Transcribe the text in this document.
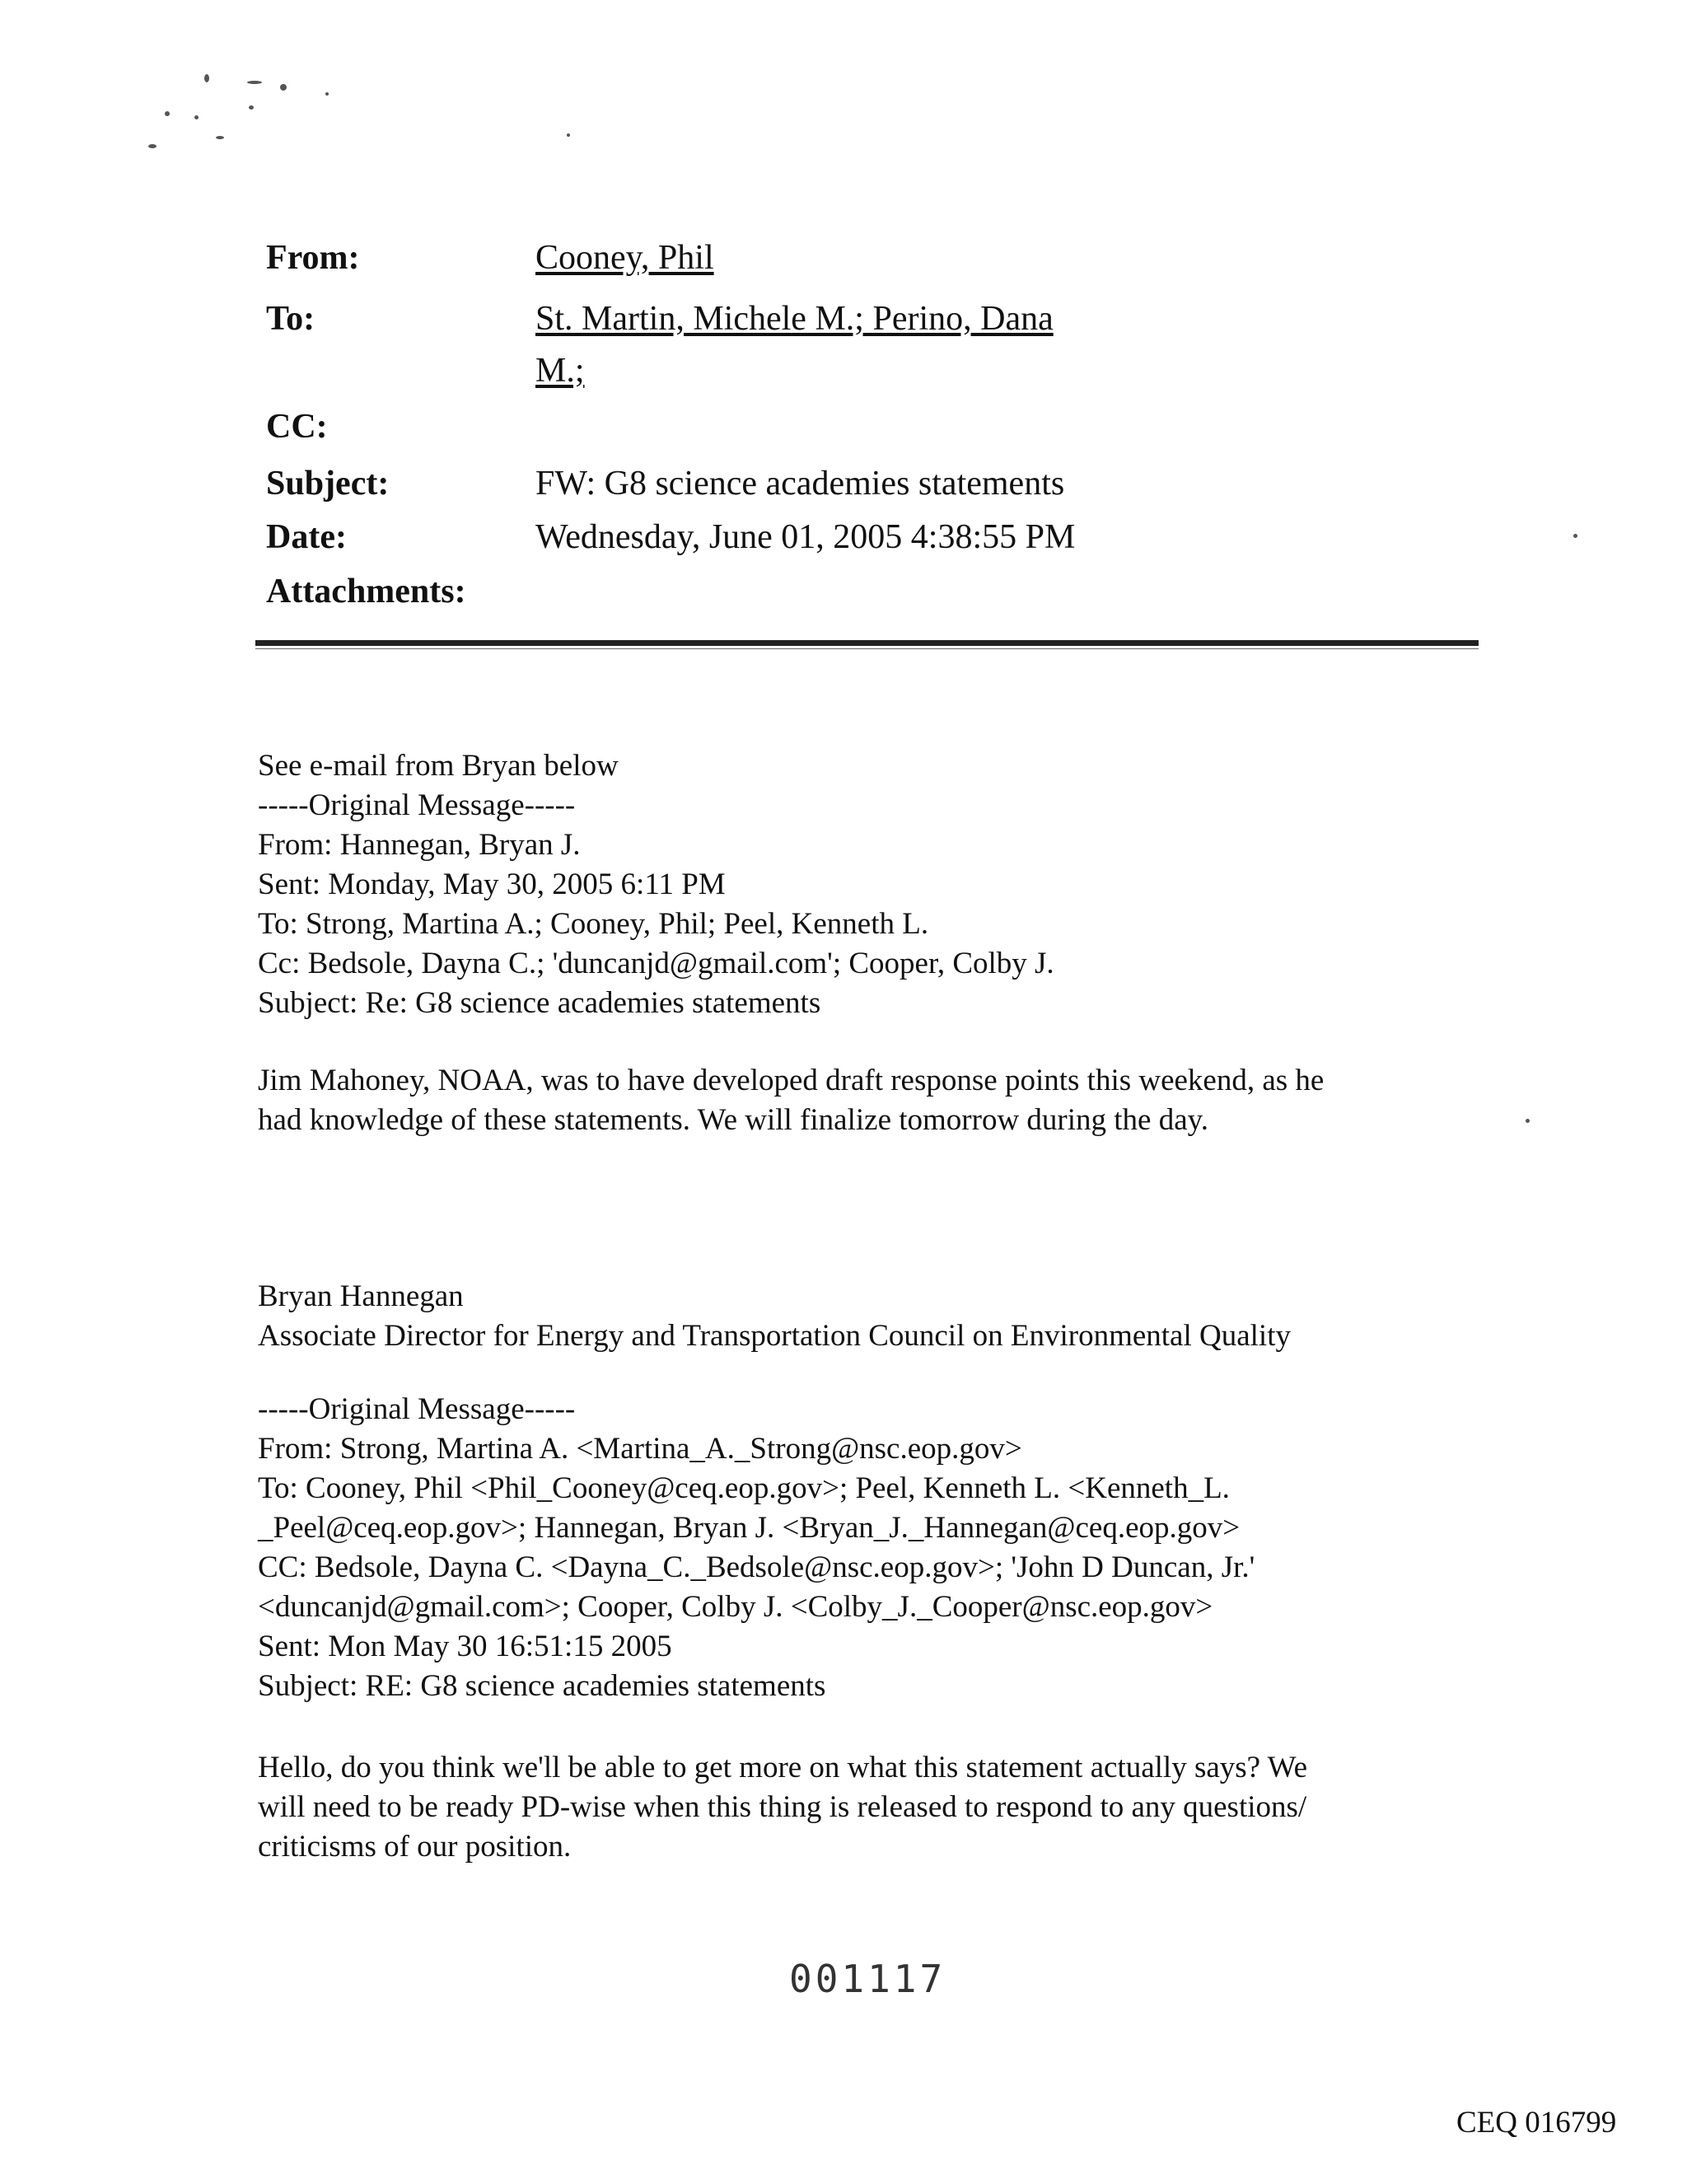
From:	Cooney, Phil
To:	St. Martin, Michele M.; Perino, Dana
M.;
CC:
Subject:	FW: G8 science academies statements
Date:	Wednesday, June 01, 2005 4:38:55 PM
Attachments:
See e-mail from Bryan below
-----Original Message-----
From: Hannegan, Bryan J.
Sent: Monday, May 30, 2005 6:11 PM
To: Strong, Martina A.; Cooney, Phil; Peel, Kenneth L.
Cc: Bedsole, Dayna C.; 'duncanjd@gmail.com'; Cooper, Colby J.
Subject: Re: G8 science academies statements
Jim Mahoney, NOAA, was to have developed draft response points this weekend, as he
had knowledge of these statements. We will finalize tomorrow during the day.
Bryan Hannegan
Associate Director for Energy and Transportation Council on Environmental Quality
-----Original Message-----
From: Strong, Martina A. <Martina_A._Strong@nsc.eop.gov>
To: Cooney, Phil <Phil_Cooney@ceq.eop.gov>; Peel, Kenneth L. <Kenneth_L.
_Peel@ceq.eop.gov>; Hannegan, Bryan J. <Bryan_J._Hannegan@ceq.eop.gov>
CC: Bedsole, Dayna C. <Dayna_C._Bedsole@nsc.eop.gov>; 'John D Duncan, Jr.'
<duncanjd@gmail.com>; Cooper, Colby J. <Colby_J._Cooper@nsc.eop.gov>
Sent: Mon May 30 16:51:15 2005
Subject: RE: G8 science academies statements
Hello, do you think we'll be able to get more on what this statement actually says? We
will need to be ready PD-wise when this thing is released to respond to any questions/
criticisms of our position.
001117
CEQ 016799
